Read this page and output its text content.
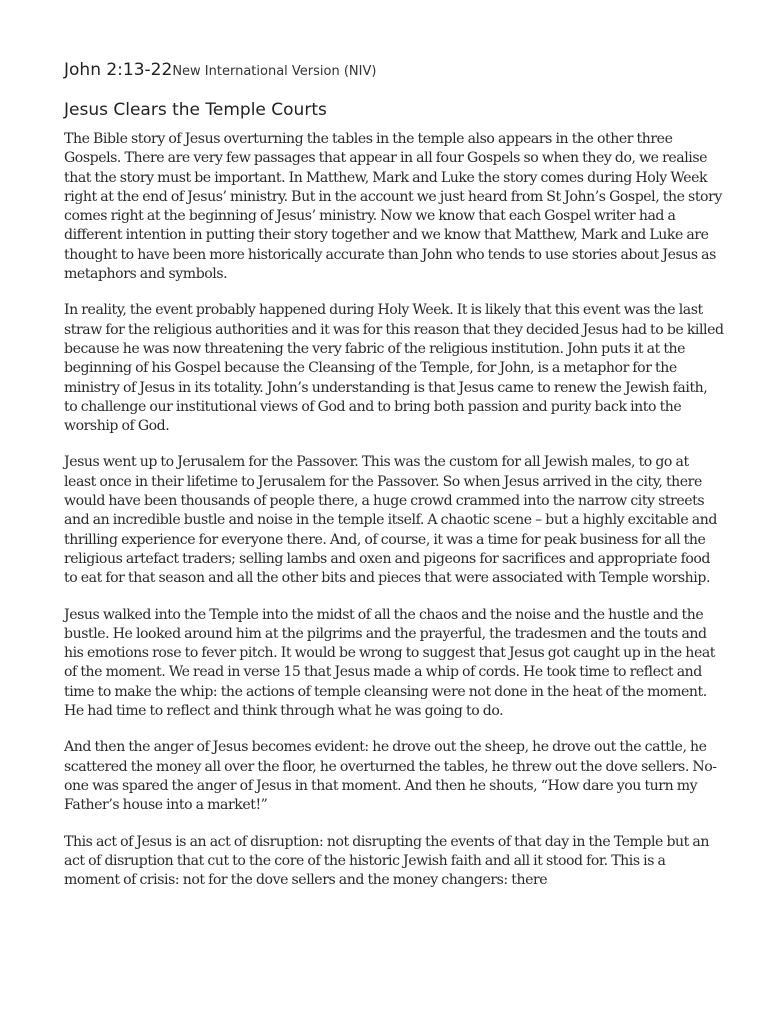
John 2:13-22New International Version (NIV)
Jesus Clears the Temple Courts

The Bible story of Jesus overturning the tables in the temple also appears in the other three Gospels. There are very few passages that appear in all four Gospels so when they do, we realise that the story must be important. In Matthew, Mark and Luke the story comes during Holy Week right at the end of Jesus’ ministry. But in the account we just heard from St John’s Gospel, the story comes right at the beginning of Jesus’ ministry. Now we know that each Gospel writer had a different intention in putting their story together and we know that Matthew, Mark and Luke are thought to have been more historically accurate than John who tends to use stories about Jesus as metaphors and symbols.

In reality, the event probably happened during Holy Week. It is likely that this event was the last straw for the religious authorities and it was for this reason that they decided Jesus had to be killed because he was now threatening the very fabric of the religious institution. John puts it at the beginning of his Gospel because the Cleansing of the Temple, for John, is a metaphor for the ministry of Jesus in its totality. John’s understanding is that Jesus came to renew the Jewish faith, to challenge our institutional views of God and to bring both passion and purity back into the worship of God.

Jesus went up to Jerusalem for the Passover. This was the custom for all Jewish males, to go at least once in their lifetime to Jerusalem for the Passover. So when Jesus arrived in the city, there would have been thousands of people there, a huge crowd crammed into the narrow city streets and an incredible bustle and noise in the temple itself. A chaotic scene – but a highly excitable and thrilling experience for everyone there. And, of course, it was a time for peak business for all the religious artefact traders; selling lambs and oxen and pigeons for sacrifices and appropriate food to eat for that season and all the other bits and pieces that were associated with Temple worship.

Jesus walked into the Temple into the midst of all the chaos and the noise and the hustle and the bustle. He looked around him at the pilgrims and the prayerful, the tradesmen and the touts and his emotions rose to fever pitch. It would be wrong to suggest that Jesus got caught up in the heat of the moment. We read in verse 15 that Jesus made a whip of cords. He took time to reflect and time to make the whip: the actions of temple cleansing were not done in the heat of the moment. He had time to reflect and think through what he was going to do.

And then the anger of Jesus becomes evident: he drove out the sheep, he drove out the cattle, he scattered the money all over the floor, he overturned the tables, he threw out the dove sellers. No-one was spared the anger of Jesus in that moment. And then he shouts, “How dare you turn my Father’s house into a market!”

This act of Jesus is an act of disruption: not disrupting the events of that day in the Temple but an act of disruption that cut to the core of the historic Jewish faith and all it stood for. This is a moment of crisis: not for the dove sellers and the money changers: there
